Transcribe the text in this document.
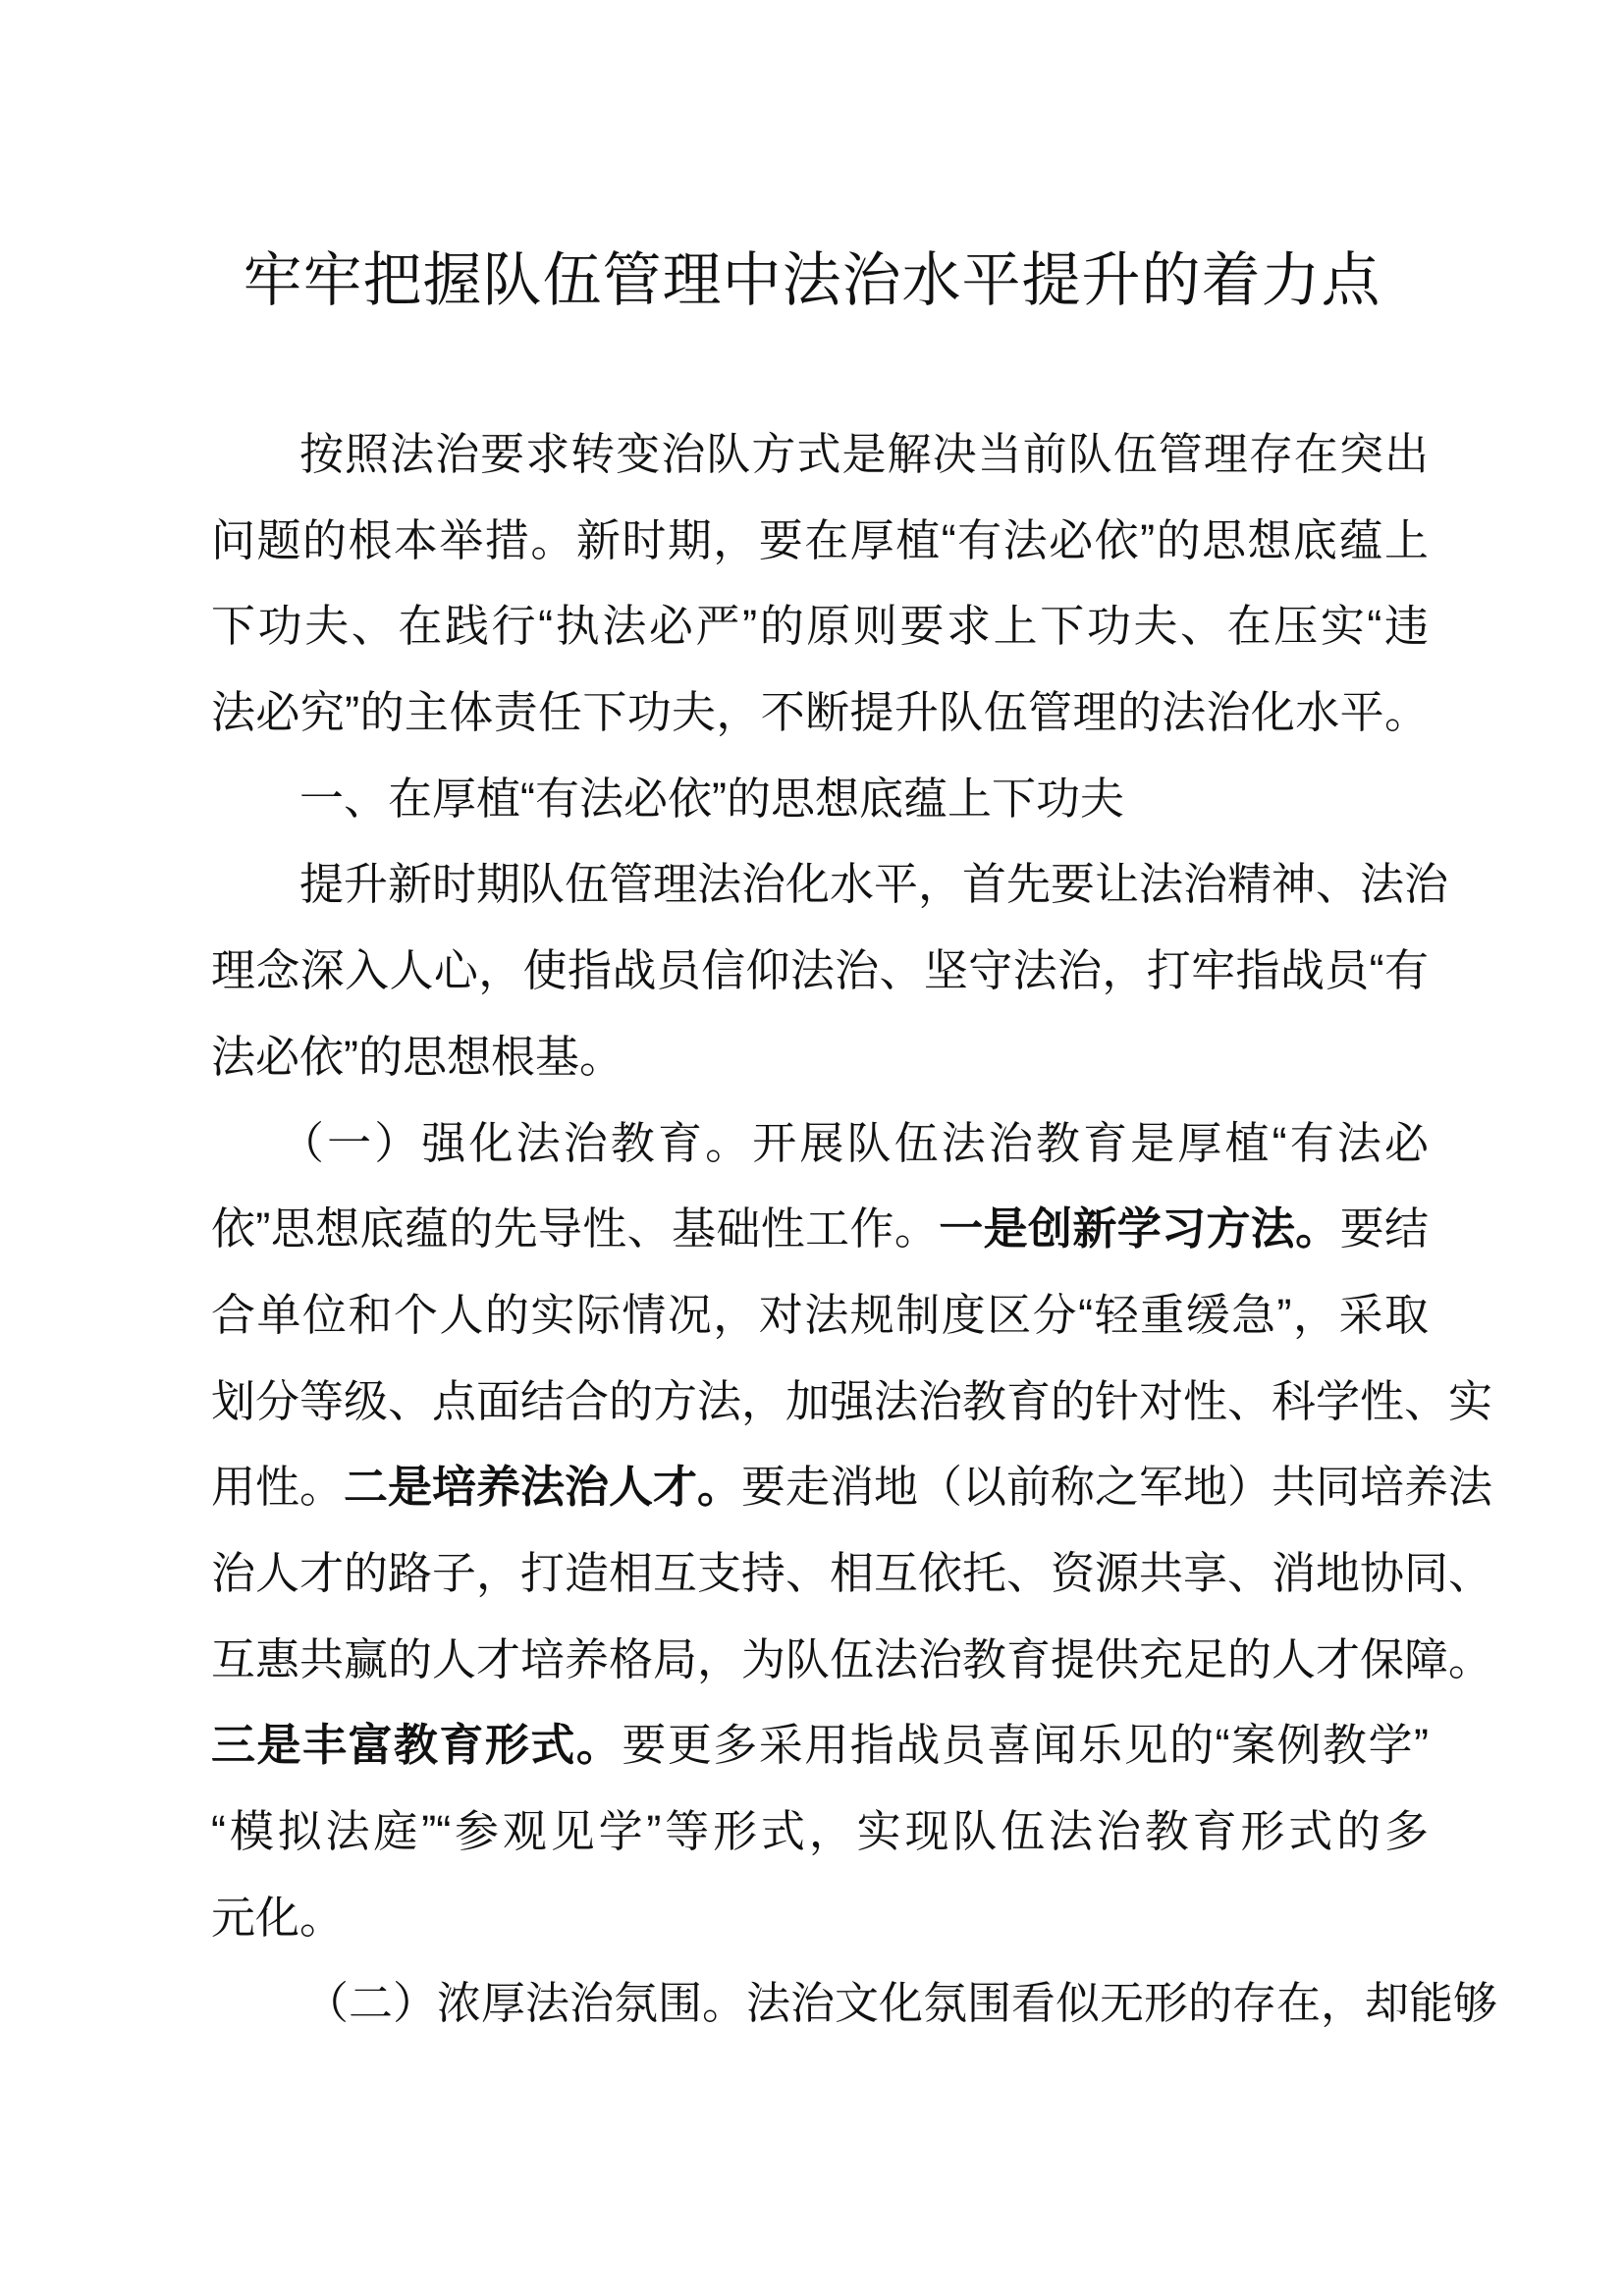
牢牢把握队伍管理中法治水平提升的着力点
按照法治要求转变治队方式是解决当前队伍管理存在突出
问题的根本举措。新时期，要在厚植“有法必依”的思想底蕴上
下功夫、在践行“执法必严”的原则要求上下功夫、在压实“违
法必究”的主体责任下功夫，不断提升队伍管理的法治化水平。
一、在厚植“有法必依”的思想底蕴上下功夫
提升新时期队伍管理法治化水平，首先要让法治精神、法治
理念深入人心，使指战员信仰法治、坚守法治，打牢指战员“有
法必依”的思想根基。
（一）强化法治教育。开展队伍法治教育是厚植“有法必
依”思想底蕴的先导性、基础性工作。一是创新学习方法。要结
合单位和个人的实际情况，对法规制度区分“轻重缓急”，采取
划分等级、点面结合的方法，加强法治教育的针对性、科学性、实
用性。二是培养法治人才。要走消地（以前称之军地）共同培养法
治人才的路子，打造相互支持、相互依托、资源共享、消地协同、
互惠共赢的人才培养格局，为队伍法治教育提供充足的人才保障。
三是丰富教育形式。要更多采用指战员喜闻乐见的“案例教学”
“模拟法庭”“参观见学”等形式，实现队伍法治教育形式的多
元化。
（二）浓厚法治氛围。法治文化氛围看似无形的存在，却能够
